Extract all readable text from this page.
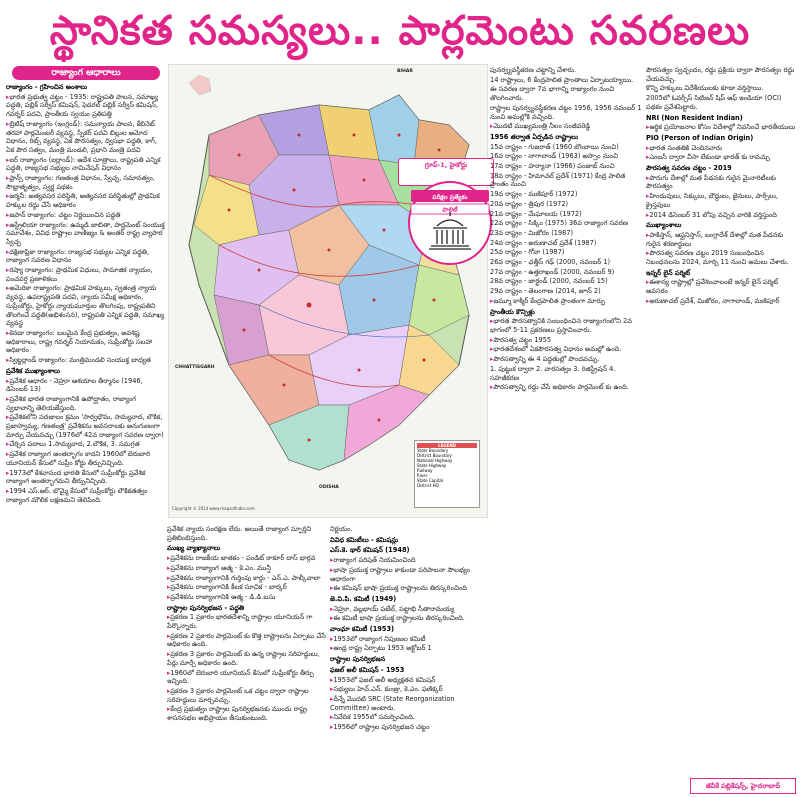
స్థానికత సమస్యలు.. పార్లమెంటు సవరణలు
రాజ్యాంగ ఆధారాలు
రాజ్యాంగం - గ్రహించిన అంశాలు
▸ భారత ప్రభుత్వ చట్టం - 1935: రాష్ట్రపతి పాలన, సమాఖ్య పద్ధతి, పబ్లిక్ సర్వీస్ కమిషన్, ఫెడరల్ పబ్లిక్ సర్వీస్ కమిషన్, గవర్నర్ పదవి, ప్రాంతీయ స్వయం ప్రతిపత్తి
▸ బ్రిటిష్ రాజ్యాంగం (ఇంగ్లండ్): సమన్యాయ పాలన, కేబినెట్ తరహా పార్లమెంటరీ వ్యవస్థ, స్పీకర్ పదవి బిల్లుల ఆమోద విధానం, రిట్స్ వ్యవస్థ, ఏక పౌరసత్వం, ద్విసభా పద్ధతి, కాగ్, ఏక పౌర సత్వం, మంత్రి మండలి, ప్రధాని మంత్రి పదవి
▸ ఐర్ రాజ్యాంగం (ఐర్లాండ్): ఆదేశ సూత్రాలు, రాష్ట్రపతి ఎన్నిక పద్ధతి, రాజ్యసభ సభ్యుల నామినేషన్ విధానం
▸ ఫ్రాన్స్ రాజ్యాంగం: గణతంత్ర విధానం, స్వేచ్ఛ, సమానత్వం, సౌభ్రాతృత్వం, స్వర్ణ పథకం
▸ జర్మనీ: అత్యవసర పరిస్థితి, అత్యవసర పరిస్థితుల్లో ప్రాథమిక హక్కుల రద్దు చేసే అధికారం
▸ జపాన్ రాజ్యాంగం: చట్టం నిర్ణయించిన పద్ధతి
▸ ఆస్ట్రేలియా రాజ్యాంగం: ఉమ్మడి జాబితా, పార్లమెంట్ సంయుక్త సమావేశం, వివిధ రాష్ట్రాల వాణిజ్యం & అంతర్ రాష్ట్ర వ్యాపార స్వేచ్ఛ
▸ దక్షిణాఫ్రికా రాజ్యాంగం: రాజ్యసభ సభ్యుల ఎన్నిక పద్ధతి, రాజ్యాంగ సవరణ విధానం
▸ రష్యా రాజ్యాంగం: ప్రాథమిక విధులు, సామాజిక న్యాయం, పంచవర్ష ప్రణాళికలు
▸ అమెరికా రాజ్యాంగం: ప్రాథమిక హక్కులు, స్వతంత్ర న్యాయ వ్యవస్థ, ఉపరాష్ట్రపతి పదవి, న్యాయ సమీక్ష అధికారం, సుప్రీంకోర్టు, హైకోర్టు న్యాయమూర్తుల తొలగింపు, రాష్ట్రపతిని తొలగించే పద్ధతి(అభిశంసన), రాష్ట్రపతి ఎన్నిక పద్ధతి, సమాఖ్య వ్యవస్థ
▸ కెనడా రాజ్యాంగం: బలమైన కేంద్ర ప్రభుత్వం, అవశిష్ట అధికారాలు, రాష్ట్ర గవర్నర్ నియామకం, సుప్రీంకోర్టు సలహా అధికారం
▸ స్విట్జర్లాండ్ రాజ్యాంగం: మంత్రిమండలి సంయుక్త బాధ్యత
ప్రవేశిక ముఖ్యాంశాలు
▸ ప్రవేశిక ఆధారం - నెహ్రూ ఆశయాల తీర్మానం (1946, డిసెంబర్ 13)
▸ ప్రవేశిక భారత రాజ్యాంగానికి ఉపోద్ఘాతం, రాజ్యాంగ స్వభావాన్ని తెలియజేస్తుంది.
▸ ప్రవేశికలోని పదజాలం క్రమం 'సార్వభౌమ, సామ్యవాద, లౌకిక, ప్రజాస్వామ్య, గణతంత్ర' ప్రవేశికను అవసరాలకు అనుగుణంగా మార్పు చేయవచ్చు (1976లో 42వ రాజ్యాంగ సవరణ ద్వారా)
▸ చేర్చిన పదాలు 1.సామ్యవాద, 2.లౌకిక, 3. సమగ్రత
▸ ప్రవేశిక రాజ్యాంగ అంతర్భాగం కాదని 1960లో బెరుబారి యూనియన్ కేసులో సుప్రీం కోర్టు తీర్పునిచ్చింది.
▸ 1973లో కేశవానంద భారతి కేసులో సుప్రీంకోర్టు ప్రవేశిక రాజ్యాంగ అంతర్భాగమని తీర్పునిచ్చింది.
▸ 1994 ఎస్.ఆర్. బొమ్మై కేసులో సుప్రీంకోర్టు లౌకికతత్వం రాజ్యాంగ మౌలిక లక్షణమని తెలిపింది.
BIHAR
CHHATTISGARH
ODISHA
Copyright © 2014 www.mapsofindia.com
LEGEND
State Boundary
District Boundary
National Highway
State Highway
Railway
River
State Capital
District HQ
గ్రూప్-1, హైకోర్టు
పరీక్షల ప్రత్యేకం
పాలిటీ
ప్రవేశిక న్యాయ సంరక్షణ లేదు. అయితే రాజ్యాంగ స్ఫూర్తిని ప్రతిబింబిస్తుంది.
ముఖ్య వ్యాఖ్యానాలు
▸ ప్రవేశికను రాజకీయ జాతకం - పండిట్ ఠాకూర్ దాస్ భార్గవ
▸ ప్రవేశికను రాజ్యాంగ ఆత్మ - కె.ఎం. మున్షీ
▸ ప్రవేశికను రాజ్యాంగానికి గుర్తింపు కార్డు - ఎన్.ఎ. పాల్కీవాలా
▸ ప్రవేశికను రాజ్యాంగానికి కీలక సూచిక - బార్కర్
▸ ప్రవేశికను రాజ్యాంగానికి ఆత్మ - డి.డి.బసు
రాష్ట్రాల పునర్విభజన - పద్ధతి
▸ ప్రకరణ 1 ప్రకారం భారతదేశాన్ని రాష్ట్రాల యూనియన్ గా పేర్కొన్నారు.
▸ ప్రకరణ 2 ప్రకారం పార్లమెంట్ కు కొత్త రాష్ట్రాలను ఏర్పాటు చేసే అధికారం ఉంది.
▸ ప్రకరణ 3 ప్రకారం పార్లమెంట్ కు ఉన్న రాష్ట్రాల సరిహద్దులు, పేర్లు మార్చే అధికారం ఉంది.
▸ 1960లో బెరుబారి యూనియన్ కేసులో సుప్రీంకోర్టు తీర్పు ఇచ్చింది.
▸ ప్రకరణ 3 ప్రకారం పార్లమెంట్ ఒక చట్టం ద్వారా రాష్ట్రాల సరిహద్దులు మార్చవచ్చు.
▸ కేంద్ర ప్రభుత్వం రాష్ట్రాల పునర్విభజనకు ముందు రాష్ట్ర శాసనసభల అభిప్రాయం తీసుకుంటుంది.
నిర్ణయం.
వివిధ కమిటీలు - కమిషన్లు
ఎస్.కె. థార్ కమిషన్ (1948)
▸ రాజ్యాంగ పరిషత్ నియమించింది
▸ భాషా ప్రయుక్త రాష్ట్రాలు కాకుండా పరిపాలనా సౌలభ్యం ఆధారంగా
▸ ఈ కమిషన్ భాషా ప్రయుక్త రాష్ట్రాలను తిరస్కరించింది
జె.వి.పి. కమిటీ (1949)
▸ నెహ్రూ, వల్లభాయ్ పటేల్, పట్టాభి సీతారామయ్య
▸ ఈ కమిటీ భాషా ప్రయుక్త రాష్ట్రాలను తిరస్కరించింది.
వాంఛూ కమిటీ (1953)
▸ 1953లో రాజ్యాంగ నిపుణుల కమిటీ
▸ ఆంధ్ర రాష్ట్ర ఏర్పాటు 1953 అక్టోబర్ 1
రాష్ట్రాల పునర్విభజన
ఫజల్ అలీ కమిషన్ - 1953
▸ 1953లో ఫజల్ అలీ అధ్యక్షతన కమిషన్
▸ సభ్యులు హెచ్.ఎన్. కుంజ్రు, కె.ఎం. ఫణిక్కర్
▸ దీన్నే మొదటి SRC (State Reorganization Committee) అంటారు.
▸ నివేదిక 1955లో సమర్పించింది.
▸ 1956లో రాష్ట్రాల పునర్విభజన చట్టం
పునర్వ్యవస్థీకరణ చట్టాన్ని చేశారు.
14 రాష్ట్రాలు, 6 కేంద్రపాలిత ప్రాంతాలు ఏర్పాటయ్యాయి.
ఈ సవరణ ద్వారా 7వ భాగాన్ని రాజ్యాంగం నుంచి తొలగించారు.
రాష్ట్రాల పునర్వ్యవస్థీకరణ చట్టం 1956, 1956 నవంబర్ 1 నుంచి అమల్లోకి వచ్చింది.
▸ మొదటి ముఖ్యమంత్రి నీలం సంజీవరెడ్డి
1956 తర్వాత ఏర్పడిన రాష్ట్రాలు
15వ రాష్ట్రం - గుజరాత్ (1960 బొంబాయి నుంచి)
16వ రాష్ట్రం - నాగాలాండ్ (1963) అస్సాం నుంచి
17వ రాష్ట్రం - హర్యానా (1966) పంజాబ్ నుంచి
18వ రాష్ట్రం - హిమాచల్ ప్రదేశ్ (1971) కేంద్ర పాలిత ప్రాంతం నుంచి
19వ రాష్ట్రం - మణిపూర్ (1972)
20వ రాష్ట్రం - త్రిపుర (1972)
21వ రాష్ట్రం - మేఘాలయ (1972)
22వ రాష్ట్రం - సిక్కిం (1975) 36వ రాజ్యాంగ సవరణ
23వ రాష్ట్రం - మిజోరం (1987)
24వ రాష్ట్రం - అరుణాచల్ ప్రదేశ్ (1987)
25వ రాష్ట్రం - గోవా (1987)
26వ రాష్ట్రం - ఛత్తీస్ గఢ్ (2000, నవంబర్ 1)
27వ రాష్ట్రం - ఉత్తరాఖండ్ (2000, నవంబర్ 9)
28వ రాష్ట్రం - జార్ఖండ్ (2000, నవంబర్ 15)
29వ రాష్ట్రం - తెలంగాణ (2014, జూన్ 2)
▸ జమ్మూ కాశ్మీర్ కేంద్రపాలిత ప్రాంతంగా మార్పు
ప్రాంతీయ కౌన్సిళ్లు
▸ భారత పౌరసత్వానికి సంబంధించిన రాజ్యాంగంలోని 2వ భాగంలో 5-11 ప్రకరణలు ప్రస్తావించారు.
▸ పౌరసత్వ చట్టం 1955
▸ భారతదేశంలో ఏకపౌరసత్వ విధానం అమల్లో ఉంది.
▸ పౌరసత్వాన్ని ఈ 4 పద్ధతుల్లో పొందవచ్చు.
1. పుట్టుక ద్వారా 2. వారసత్వం 3. రిజిస్ట్రేషన్ 4. సహజీకరణ
▸ పౌరసత్వాన్ని రద్దు చేసే అధికారం పార్లమెంట్ కు ఉంది.
పౌరసత్వం స్వచ్ఛందం, రద్దు ప్రక్రియ ద్వారా పౌరసత్వం రద్దు చేయవచ్చు.
కొన్ని హక్కులు విదేశీయులకు కూడా వర్తిస్తాయి.
2005లో ఓవర్సీస్ సిటిజన్ షిప్ ఆఫ్ ఇండియా (OCI) పథకం ప్రవేశపెట్టారు.
NRI (Non Resident Indian)
▸ ఆర్థిక ప్రయోజనాల కోసం విదేశాల్లో నివసించే భారతీయులు
PIO (Person of Indian Origin)
▸ భారత సంతతికి చెందినవారు
▸ ఎంబసీ ద్వారా వీసా లేకుండా భారత్ కు రావచ్చు
పౌరసత్వ సవరణ చట్టం - 2019
▸ పొరుగు దేశాల్లో మత పీడనకు గురైన మైనారిటీలకు పౌరసత్వం
▸ హిందువులు, సిక్కులు, బౌద్ధులు, జైనులు, పార్సీలు, క్రైస్తవులు
▸ 2014 డిసెంబర్ 31 లోపు వచ్చిన వారికి వర్తిస్తుంది
ముఖ్యాంశాలు
▸ పాకిస్తాన్, ఆఫ్ఘనిస్తాన్, బంగ్లాదేశ్ దేశాల్లో మత పీడనకు గురైన శరణార్థులు
▸ పౌరసత్వ సవరణ చట్టం 2019 సంబంధించిన నిబంధనలను 2024, మార్చి 11 నుంచి అమలు చేశారు.
ఇన్నర్ లైన్ పర్మిట్
▸ ఈశాన్య రాష్ట్రాల్లో ప్రవేశించాలంటే ఇన్నర్ లైన్ పర్మిట్ అవసరం
▸ అరుణాచల్ ప్రదేశ్, మిజోరం, నాగాలాండ్, మణిపూర్
జీవీకే పబ్లికేషన్స్, హైదరాబాద్
